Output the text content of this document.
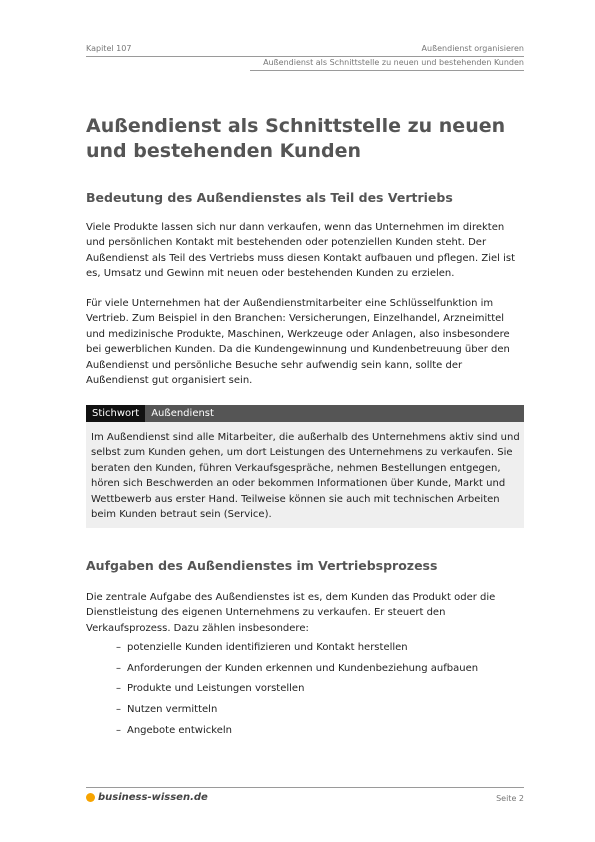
Kapitel 107	Außendienst organisieren
Außendienst als Schnittstelle zu neuen und bestehenden Kunden
Außendienst als Schnittstelle zu neuen und bestehenden Kunden
Bedeutung des Außendienstes als Teil des Vertriebs

Viele Produkte lassen sich nur dann verkaufen, wenn das Unternehmen im direkten und persönlichen Kontakt mit bestehenden oder potenziellen Kunden steht. Der Außendienst als Teil des Vertriebs muss diesen Kontakt aufbauen und pflegen. Ziel ist es, Umsatz und Gewinn mit neuen oder bestehenden Kunden zu erzielen.

Für viele Unternehmen hat der Außendienstmitarbeiter eine Schlüsselfunktion im Vertrieb. Zum Beispiel in den Branchen: Versicherungen, Einzelhandel, Arzneimittel und medizinische Produkte, Maschinen, Werkzeuge oder Anlagen, also insbesondere bei gewerblichen Kunden. Da die Kundengewinnung und Kundenbetreuung über den Außendienst und persönliche Besuche sehr aufwendig sein kann, sollte der Außendienst gut organisiert sein.

Stichwort Außendienst

Im Außendienst sind alle Mitarbeiter, die außerhalb des Unternehmens aktiv sind und selbst zum Kunden gehen, um dort Leistungen des Unternehmens zu verkaufen. Sie beraten den Kunden, führen Verkaufsgespräche, nehmen Bestellungen entgegen, hören sich Beschwerden an oder bekommen Informationen über Kunde, Markt und Wettbewerb aus erster Hand. Teilweise können sie auch mit technischen Arbeiten beim Kunden betraut sein (Service).

Aufgaben des Außendienstes im Vertriebsprozess

Die zentrale Aufgabe des Außendienstes ist es, dem Kunden das Produkt oder die Dienstleistung des eigenen Unternehmens zu verkaufen. Er steuert den Verkaufsprozess. Dazu zählen insbesondere:

– potenzielle Kunden identifizieren und Kontakt herstellen
– Anforderungen der Kunden erkennen und Kundenbeziehung aufbauen
– Produkte und Leistungen vorstellen
– Nutzen vermitteln
– Angebote entwickeln
business-wissen.de	Seite 2
